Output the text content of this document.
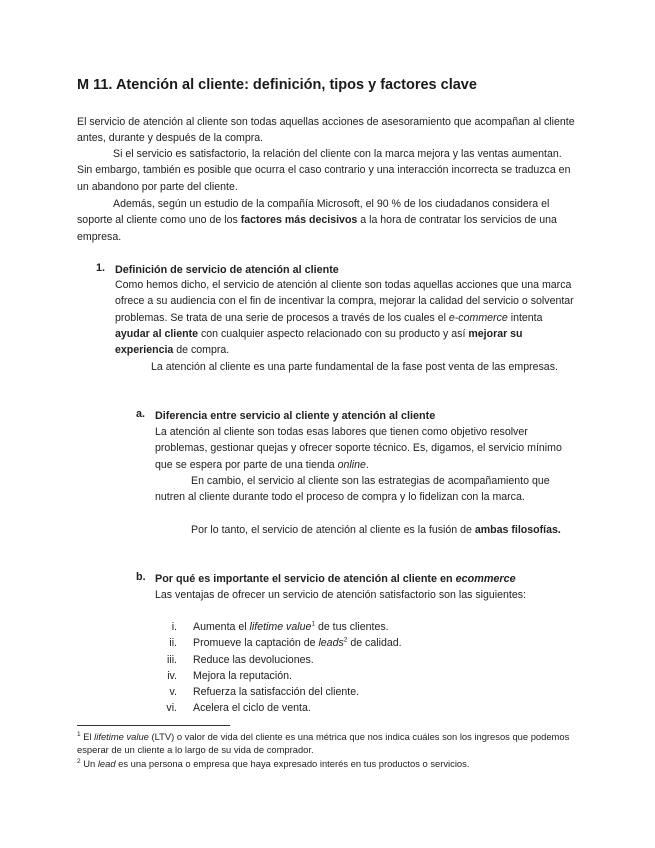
M 11. Atención al cliente: definición, tipos y factores clave

El servicio de atención al cliente son todas aquellas acciones de asesoramiento que acompañan al cliente antes, durante y después de la compra.

Si el servicio es satisfactorio, la relación del cliente con la marca mejora y las ventas aumentan. Sin embargo, también es posible que ocurra el caso contrario y una interacción incorrecta se traduzca en un abandono por parte del cliente.

Además, según un estudio de la compañía Microsoft, el 90 % de los ciudadanos considera el soporte al cliente como uno de los factores más decisivos a la hora de contratar los servicios de una empresa.

1. Definición de servicio de atención al cliente

Como hemos dicho, el servicio de atención al cliente son todas aquellas acciones que una marca ofrece a su audiencia con el fin de incentivar la compra, mejorar la calidad del servicio o solventar problemas. Se trata de una serie de procesos a través de los cuales el e-commerce intenta ayudar al cliente con cualquier aspecto relacionado con su producto y así mejorar su experiencia de compra.

La atención al cliente es una parte fundamental de la fase post venta de las empresas.

a. Diferencia entre servicio al cliente y atención al cliente

La atención al cliente son todas esas labores que tienen como objetivo resolver problemas, gestionar quejas y ofrecer soporte técnico. Es, digamos, el servicio mínimo que se espera por parte de una tienda online.

En cambio, el servicio al cliente son las estrategias de acompañamiento que nutren al cliente durante todo el proceso de compra y lo fidelizan con la marca.

Por lo tanto, el servicio de atención al cliente es la fusión de ambas filosofías.

b. Por qué es importante el servicio de atención al cliente en ecommerce

Las ventajas de ofrecer un servicio de atención satisfactorio son las siguientes:

i. Aumenta el lifetime value$^1$ de tus clientes.
ii. Promueve la captación de leads$^2$ de calidad.
iii. Reduce las devoluciones.
iv. Mejora la reputación.
v. Refuerza la satisfacción del cliente.
vi. Acelera el ciclo de venta.

$^1$ El lifetime value (LTV) o valor de vida del cliente es una métrica que nos indica cuáles son los ingresos que podemos esperar de un cliente a lo largo de su vida de comprador.

$^2$ Un lead es una persona o empresa que haya expresado interés en tus productos o servicios.
